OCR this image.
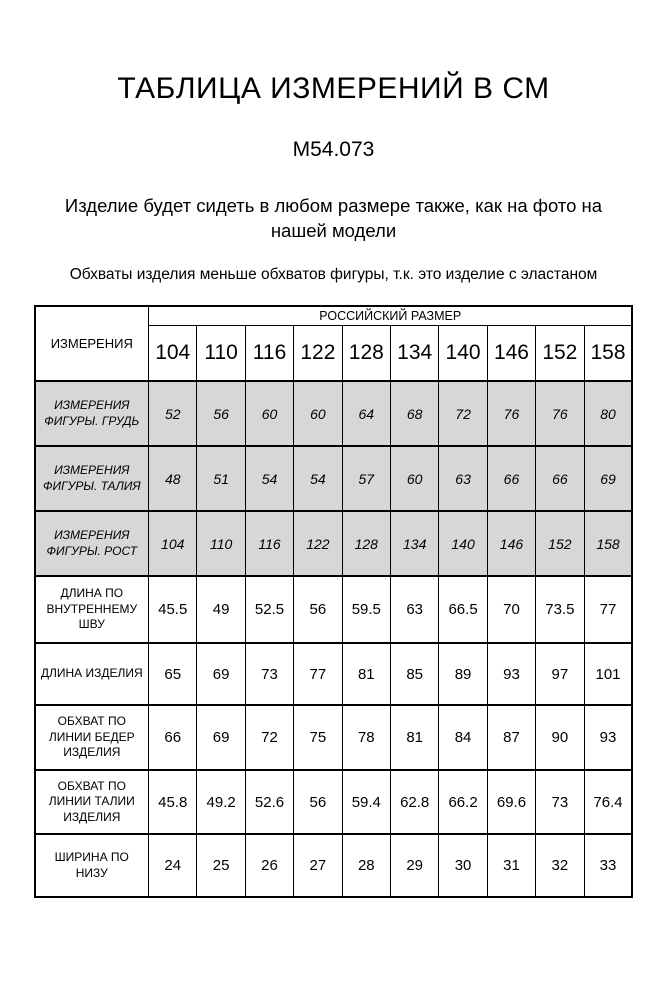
ТАБЛИЦА ИЗМЕРЕНИЙ В СМ
М54.073

Изделие будет сидеть в любом размере также, как на фото на нашей модели

Обхваты изделия меньше обхватов фигуры, т.к. это изделие с эластаном

ИЗМЕРЕНИЯ	РОССИЙСКИЙ РАЗМЕР									
	104	110	116	122	128	134	140	146	152	158
ИЗМЕРЕНИЯ ФИГУРЫ. ГРУДЬ	52	56	60	60	64	68	72	76	76	80
ИЗМЕРЕНИЯ ФИГУРЫ. ТАЛИЯ	48	51	54	54	57	60	63	66	66	69
ИЗМЕРЕНИЯ ФИГУРЫ. РОСТ	104	110	116	122	128	134	140	146	152	158
ДЛИНА ПО ВНУТРЕННЕМУ ШВУ	45.5	49	52.5	56	59.5	63	66.5	70	73.5	77
ДЛИНА ИЗДЕЛИЯ	65	69	73	77	81	85	89	93	97	101
ОБХВАТ ПО ЛИНИИ БЕДЕР ИЗДЕЛИЯ	66	69	72	75	78	81	84	87	90	93
ОБХВАТ ПО ЛИНИИ ТАЛИИ ИЗДЕЛИЯ	45.8	49.2	52.6	56	59.4	62.8	66.2	69.6	73	76.4
ШИРИНА ПО НИЗУ	24	25	26	27	28	29	30	31	32	33
